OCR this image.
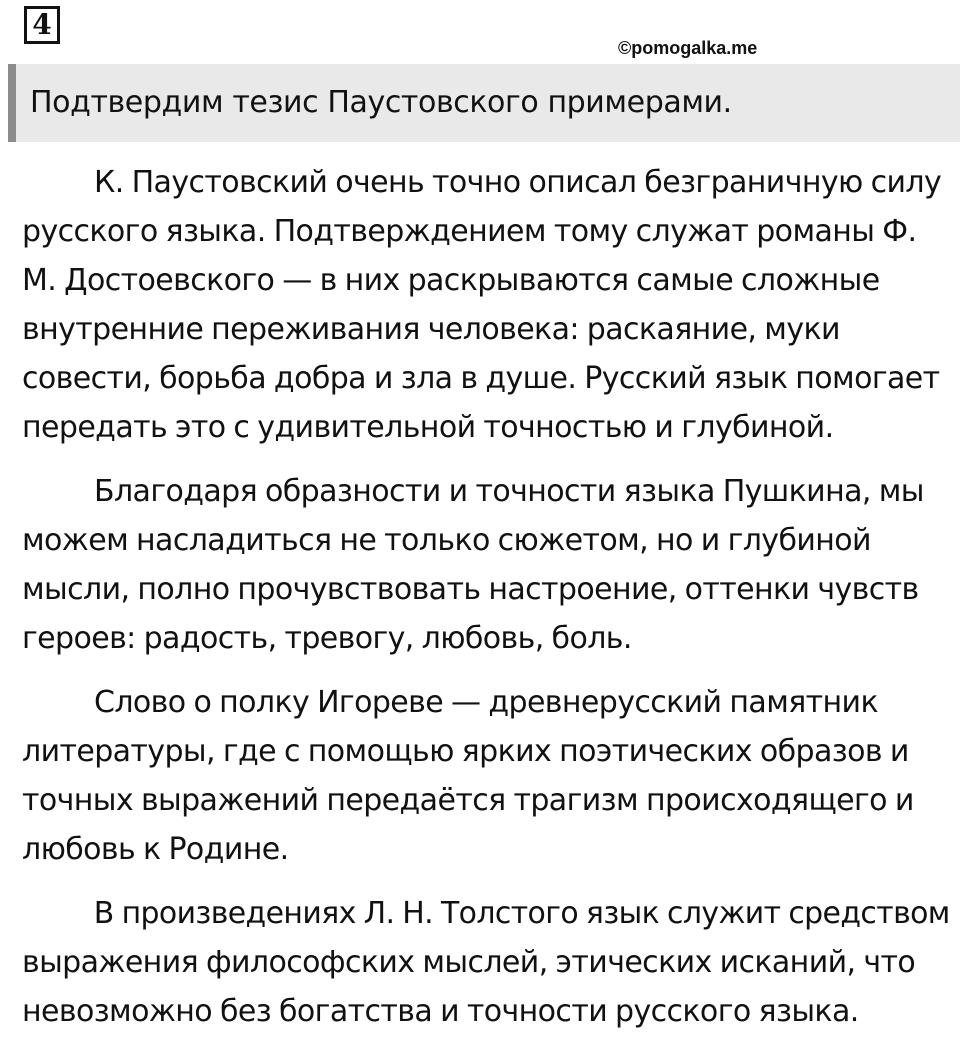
4
©pomogalka.me
Подтвердим тезис Паустовского примерами.

К. Паустовский очень точно описал безграничную силу
русского языка. Подтверждением тому служат романы Ф.
М. Достоевского — в них раскрываются самые сложные
внутренние переживания человека: раскаяние, муки
совести, борьба добра и зла в душе. Русский язык помогает
передать это с удивительной точностью и глубиной.

Благодаря образности и точности языка Пушкина, мы
можем насладиться не только сюжетом, но и глубиной
мысли, полно прочувствовать настроение, оттенки чувств
героев: радость, тревогу, любовь, боль.

Слово о полку Игореве — древнерусский памятник
литературы, где с помощью ярких поэтических образов и
точных выражений передаётся трагизм происходящего и
любовь к Родине.

В произведениях Л. Н. Толстого язык служит средством
выражения философских мыслей, этических исканий, что
невозможно без богатства и точности русского языка.
